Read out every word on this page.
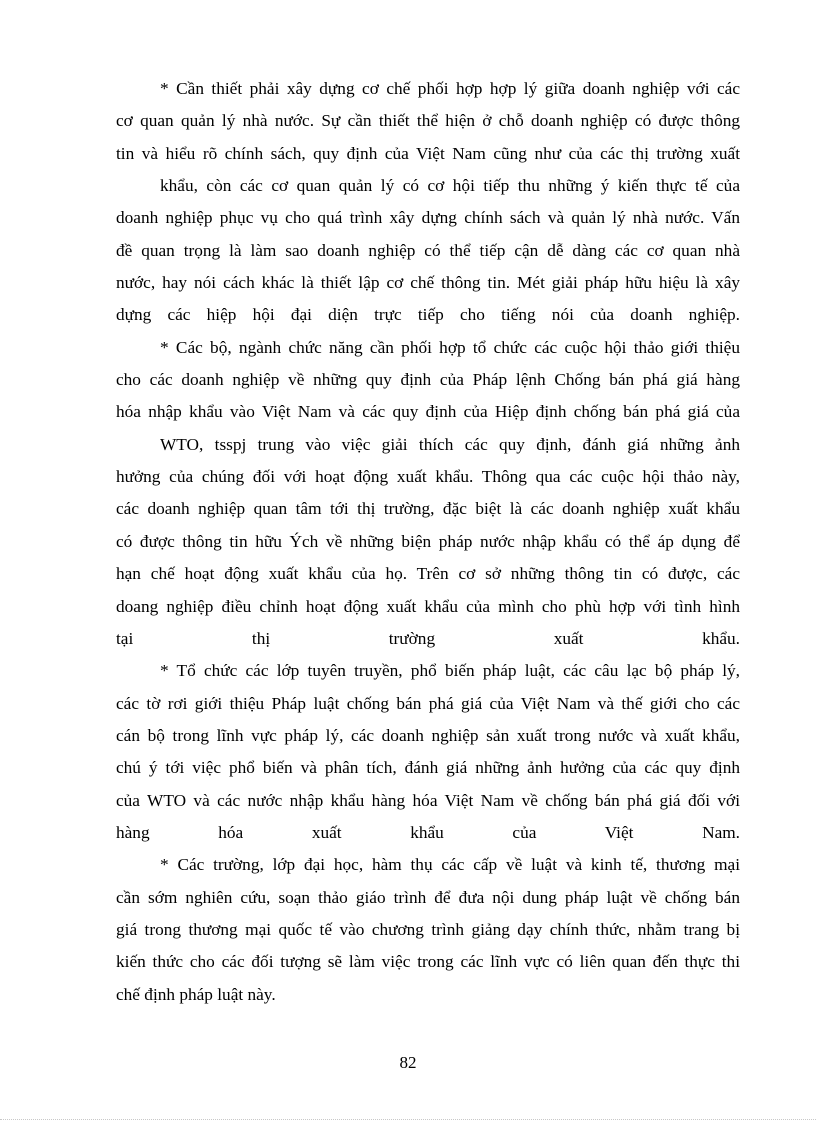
* Cần thiết phải xây dựng cơ chế phối hợp hợp lý giữa doanh nghiệp với các
cơ quan quản lý nhà nước. Sự cần thiết thể hiện ở chỗ doanh nghiệp có được thông
tin và hiểu rõ chính sách, quy định của Việt Nam cũng như của các thị trường xuất
khẩu, còn các cơ quan quản lý có cơ hội tiếp thu những ý kiến thực tế của
doanh nghiệp phục vụ cho quá trình xây dựng chính sách và quản lý nhà nước. Vấn
đề quan trọng là làm sao doanh nghiệp có thể tiếp cận dễ dàng các cơ quan nhà
nước, hay nói cách khác là thiết lập cơ chế thông tin. Mét giải pháp hữu hiệu là xây
dựng các hiệp hội đại diện trực tiếp cho tiếng nói của doanh nghiệp.
* Các bộ, ngành chức năng cần phối hợp tổ chức các cuộc hội thảo giới thiệu
cho các doanh nghiệp về những quy định của Pháp lệnh Chống bán phá giá hàng
hóa nhập khẩu vào Việt Nam và các quy định của Hiệp định chống bán phá giá của
WTO, tsspj trung vào việc giải thích các quy định, đánh giá những ảnh
hưởng của chúng đối với hoạt động xuất khẩu. Thông qua các cuộc hội thảo này,
các doanh nghiệp quan tâm tới thị trường, đặc biệt là các doanh nghiệp xuất khẩu
có được thông tin hữu Ých về những biện pháp nước nhập khẩu có thể áp dụng để
hạn chế hoạt động xuất khẩu của họ. Trên cơ sở những thông tin có được, các
doang nghiệp điều chỉnh hoạt động xuất khẩu của mình cho phù hợp với tình hình
tại thị trường xuất khẩu.
* Tổ chức các lớp tuyên truyền, phổ biến pháp luật, các câu lạc bộ pháp lý,
các tờ rơi giới thiệu Pháp luật chống bán phá giá của Việt Nam và thế giới cho các
cán bộ trong lĩnh vực pháp lý, các doanh nghiệp sản xuất trong nước và xuất khẩu,
chú ý tới việc phổ biến và phân tích, đánh giá những ảnh hưởng của các quy định
của WTO và các nước nhập khẩu hàng hóa Việt Nam về chống bán phá giá đối với
hàng hóa xuất khẩu của Việt Nam.
* Các trường, lớp đại học, hàm thụ các cấp về luật và kinh tế, thương mại
cần sớm nghiên cứu, soạn thảo giáo trình để đưa nội dung pháp luật về chống bán
giá trong thương mại quốc tế vào chương trình giảng dạy chính thức, nhằm trang bị
kiến thức cho các đối tượng sẽ làm việc trong các lĩnh vực có liên quan đến thực thi
chế định pháp luật này.
82
